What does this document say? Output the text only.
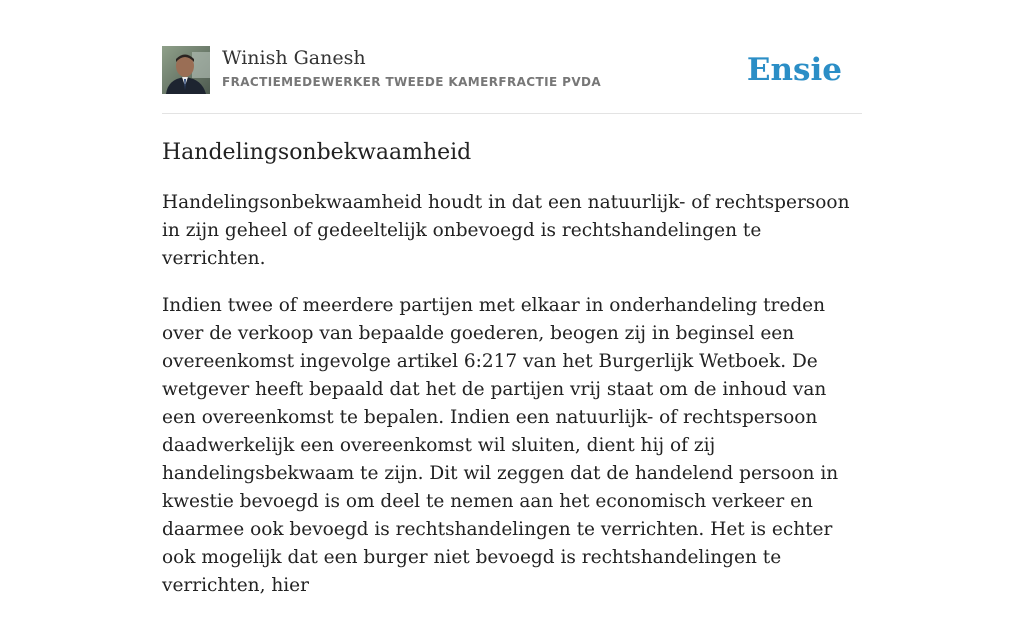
Winish Ganesh
FRACTIEMEDEWERKER TWEEDE KAMERFRACTIE PVDA	Ensie
Handelingsonbekwaamheid

Handelingsonbekwaamheid houdt in dat een natuurlijk- of rechtspersoon in zijn geheel of gedeeltelijk onbevoegd is rechtshandelingen te verrichten.

Indien twee of meerdere partijen met elkaar in onderhandeling treden over de verkoop van bepaalde goederen, beogen zij in beginsel een overeenkomst ingevolge artikel 6:217 van het Burgerlijk Wetboek. De wetgever heeft bepaald dat het de partijen vrij staat om de inhoud van een overeenkomst te bepalen. Indien een natuurlijk- of rechtspersoon daadwerkelijk een overeenkomst wil sluiten, dient hij of zij handelingsbekwaam te zijn. Dit wil zeggen dat de handelend persoon in kwestie bevoegd is om deel te nemen aan het economisch verkeer en daarmee ook bevoegd is rechtshandelingen te verrichten. Het is echter ook mogelijk dat een burger niet bevoegd is rechtshandelingen te verrichten, hier
